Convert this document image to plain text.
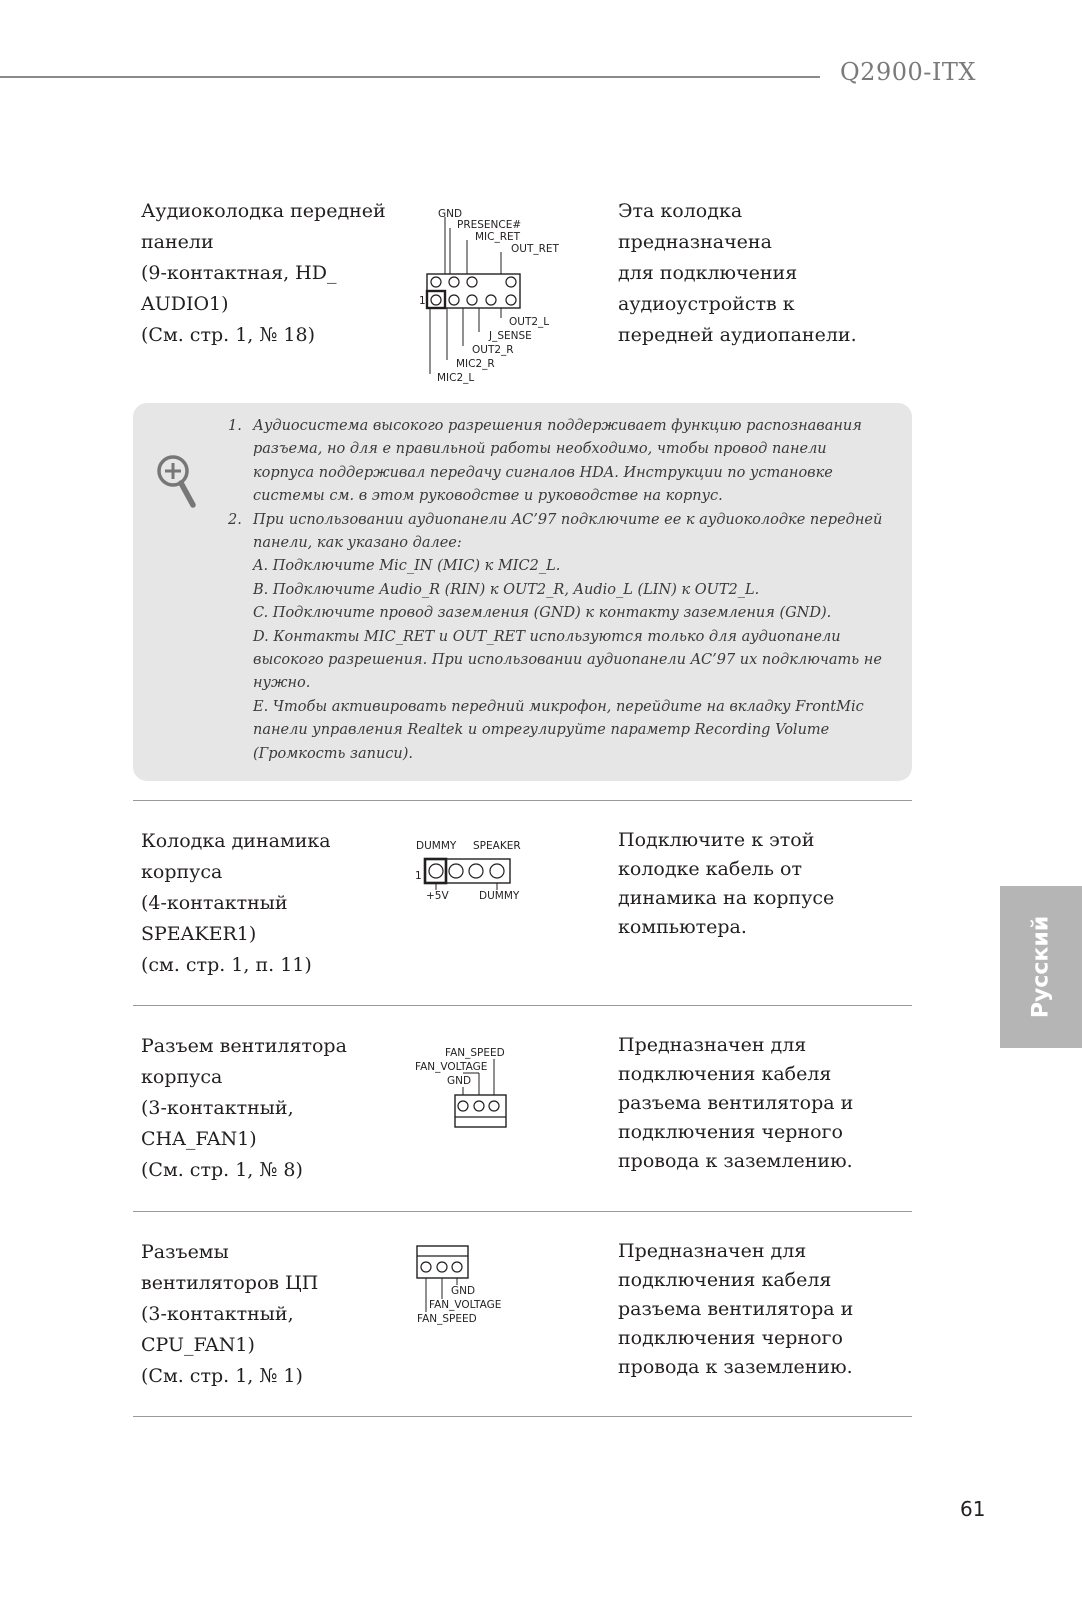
Q2900-ITX
Аудиоколодка передней
панели
(9-контактная, HD_
AUDIO1)
(См. стр. 1, № 18)
1
GND
PRESENCE#
MIC_RET
OUT_RET
OUT2_L
J_SENSE
OUT2_R
MIC2_R
MIC2_L
Эта колодка
предназначена
для подключения
аудиоустройств к
передней аудиопанели.
1. Аудиосистема высокого разрешения поддерживает функцию распознавания разъема, но для е правильной работы необходимо, чтобы провод панели корпуса поддерживал передачу сигналов HDA. Инструкции по установке системы см. в этом руководстве и руководстве на корпус.
2. При использовании аудиопанели AC’97 подключите ее к аудиоколодке передней панели, как указано далее:
A. Подключите Mic_IN (MIC) к MIC2_L.
B. Подключите Audio_R (RIN) к OUT2_R, Audio_L (LIN) к OUT2_L.
C. Подключите провод заземления (GND) к контакту заземления (GND).
D. Контакты MIC_RET и OUT_RET используются только для аудиопанели высокого разрешения. При использовании аудиопанели AC’97 их подключать не нужно.
E. Чтобы активировать передний микрофон, перейдите на вкладку FrontMic панели управления Realtek и отрегулируйте параметр Recording Volume (Громкость записи).
Колодка динамика
корпуса
(4-контактный
SPEAKER1)
(см. стр. 1, п. 11)
DUMMY SPEAKER
1
+5V	DUMMY
Подключите к этой
колодке кабель от
динамика на корпусе
компьютера.
Разъем вентилятора
корпуса
(3-контактный,
CHA_FAN1)
(См. стр. 1, № 8)
FAN_SPEED
FAN_VOLTAGE
GND
Предназначен для
подключения кабеля
разъема вентилятора и
подключения черного
провода к заземлению.
Разъемы
вентиляторов ЦП
(3-контактный,
CPU_FAN1)
(См. стр. 1, № 1)
GND
FAN_VOLTAGE
FAN_SPEED
Предназначен для
подключения кабеля
разъема вентилятора и
подключения черного
провода к заземлению.
Русский
61
